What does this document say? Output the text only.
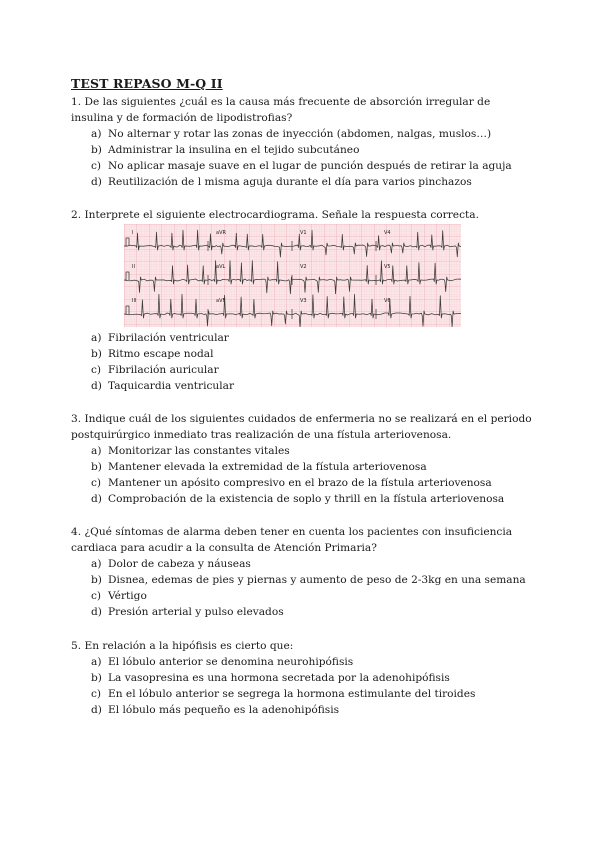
TEST REPASO M-Q II
1. De las siguientes ¿cuál es la causa más frecuente de absorción irregular de insulina y de formación de lipodistrofias?
a) No alternar y rotar las zonas de inyección (abdomen, nalgas, muslos…)
b) Administrar la insulina en el tejido subcutáneo
c) No aplicar masaje suave en el lugar de punción después de retirar la aguja
d) Reutilización de l misma aguja durante el día para varios pinchazos
2. Interprete el siguiente electrocardiograma. Señale la respuesta correcta.
I	aVR	V1	V4
II	aVL	V2	V5
III	aVF	V3	V6
a) Fibrilación ventricular
b) Ritmo escape nodal
c) Fibrilación auricular
d) Taquicardia ventricular
3. Indique cuál de los siguientes cuidados de enfermeria no se realizará en el periodo postquirúrgico inmediato tras realización de una fístula arteriovenosa.
a) Monitorizar las constantes vitales
b) Mantener elevada la extremidad de la fístula arteriovenosa
c) Mantener un apósito compresivo en el brazo de la fístula arteriovenosa
d) Comprobación de la existencia de soplo y thrill en la fístula arteriovenosa
4. ¿Qué síntomas de alarma deben tener en cuenta los pacientes con insuficiencia cardiaca para acudir a la consulta de Atención Primaria?
a) Dolor de cabeza y náuseas
b) Disnea, edemas de pies y piernas y aumento de peso de 2-3kg en una semana
c) Vértigo
d) Presión arterial y pulso elevados
5. En relación a la hipófisis es cierto que:
a) El lóbulo anterior se denomina neurohipófisis
b) La vasopresina es una hormona secretada por la adenohipófisis
c) En el lóbulo anterior se segrega la hormona estimulante del tiroides
d) El lóbulo más pequeño es la adenohipófisis
